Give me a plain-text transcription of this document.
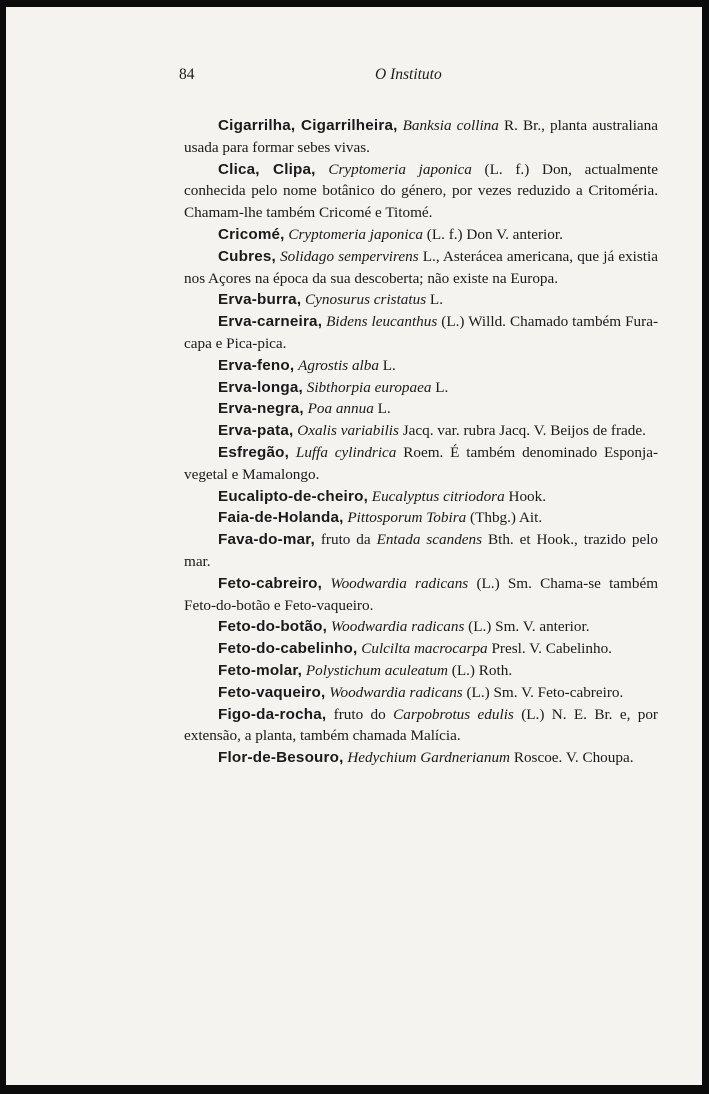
84	O Instituto

Cigarrilha, Cigarrilheira, Banksia collina R. Br., planta australiana usada para formar sebes vivas.

Clica, Clipa, Cryptomeria japonica (L. f.) Don, actualmente conhecida pelo nome botânico do género, por vezes reduzido a Critoméria. Chamam-lhe também Cricomé e Titomé.

Cricomé, Cryptomeria japonica (L. f.) Don V. anterior.

Cubres, Solidago sempervirens L., Asterácea americana, que já existia nos Açores na época da sua descoberta; não existe na Europa.

Erva-burra, Cynosurus cristatus L.

Erva-carneira, Bidens leucanthus (L.) Willd. Chamado também Fura-capa e Pica-pica.

Erva-feno, Agrostis alba L.

Erva-longa, Sibthorpia europaea L.

Erva-negra, Poa annua L.

Erva-pata, Oxalis variabilis Jacq. var. rubra Jacq. V. Beijos de frade.

Esfregão, Luffa cylindrica Roem. É também denominado Esponja-vegetal e Mamalongo.

Eucalipto-de-cheiro, Eucalyptus citriodora Hook.

Faia-de-Holanda, Pittosporum Tobira (Thbg.) Ait.

Fava-do-mar, fruto da Entada scandens Bth. et Hook., trazido pelo mar.

Feto-cabreiro, Woodwardia radicans (L.) Sm. Chama-se também Feto-do-botão e Feto-vaqueiro.

Feto-do-botão, Woodwardia radicans (L.) Sm. V. anterior.

Feto-do-cabelinho, Culcilta macrocarpa Presl. V. Cabelinho.

Feto-molar, Polystichum aculeatum (L.) Roth.

Feto-vaqueiro, Woodwardia radicans (L.) Sm. V. Feto-cabreiro.

Figo-da-rocha, fruto do Carpobrotus edulis (L.) N. E. Br. e, por extensão, a planta, também chamada Malícia.

Flor-de-Besouro, Hedychium Gardnerianum Roscoe. V. Choupa.
